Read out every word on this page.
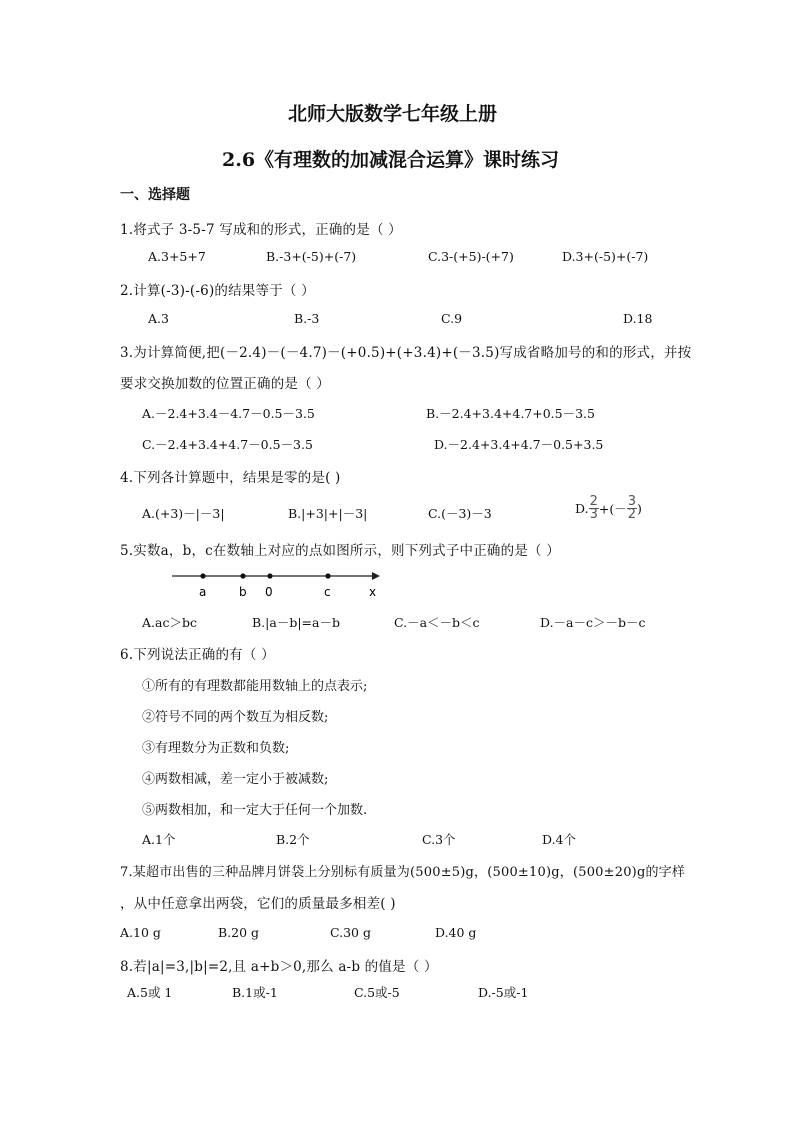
北师大版数学七年级上册
2.6《有理数的加减混合运算》课时练习
一、选择题
1.将式子 3-5-7 写成和的形式，正确的是（ ）
A.3+5+7	B.-3+(-5)+(-7)	C.3-(+5)-(+7)	D.3+(-5)+(-7)
2.计算(-3)-(-6)的结果等于（ ）
A.3	B.-3	C.9	D.18
3.为计算简便,把(－2.4)－(－4.7)－(+0.5)+(+3.4)+(－3.5)写成省略加号的和的形式，并按
要求交换加数的位置正确的是（ ）
A.－2.4+3.4－4.7－0.5－3.5	B.－2.4+3.4+4.7+0.5－3.5
C.－2.4+3.4+4.7－0.5－3.5	D.－2.4+3.4+4.7－0.5+3.5
4.下列各计算题中，结果是零的是( )
A.(+3)－|－3|	B.|+3|+|－3|	C.(－3)－3	D. $\frac{2}{3}$ +(－ $\frac{3}{2}$ )
5.实数a，b，c在数轴上对应的点如图所示，则下列式子中正确的是（ ）
a	b 0	c	x
A.ac＞bc	B.|a－b|=a－b	C.－a＜－b＜c	D.－a－c＞－b－c
6.下列说法正确的有（ ）
①所有的有理数都能用数轴上的点表示;
②符号不同的两个数互为相反数;
③有理数分为正数和负数;
④两数相减，差一定小于被减数;
⑤两数相加，和一定大于任何一个加数.
A.1个	B.2个	C.3个	D.4个
7.某超市出售的三种品牌月饼袋上分别标有质量为(500±5)g，(500±10)g，(500±20)g的字样
，从中任意拿出两袋，它们的质量最多相差( )
A.10 g	B.20 g	C.30 g	D.40 g
8.若|a|=3,|b|=2,且 a+b＞0,那么 a-b 的值是（ ）
A.5或 1	B.1或-1	C.5或-5	D.-5或-1
